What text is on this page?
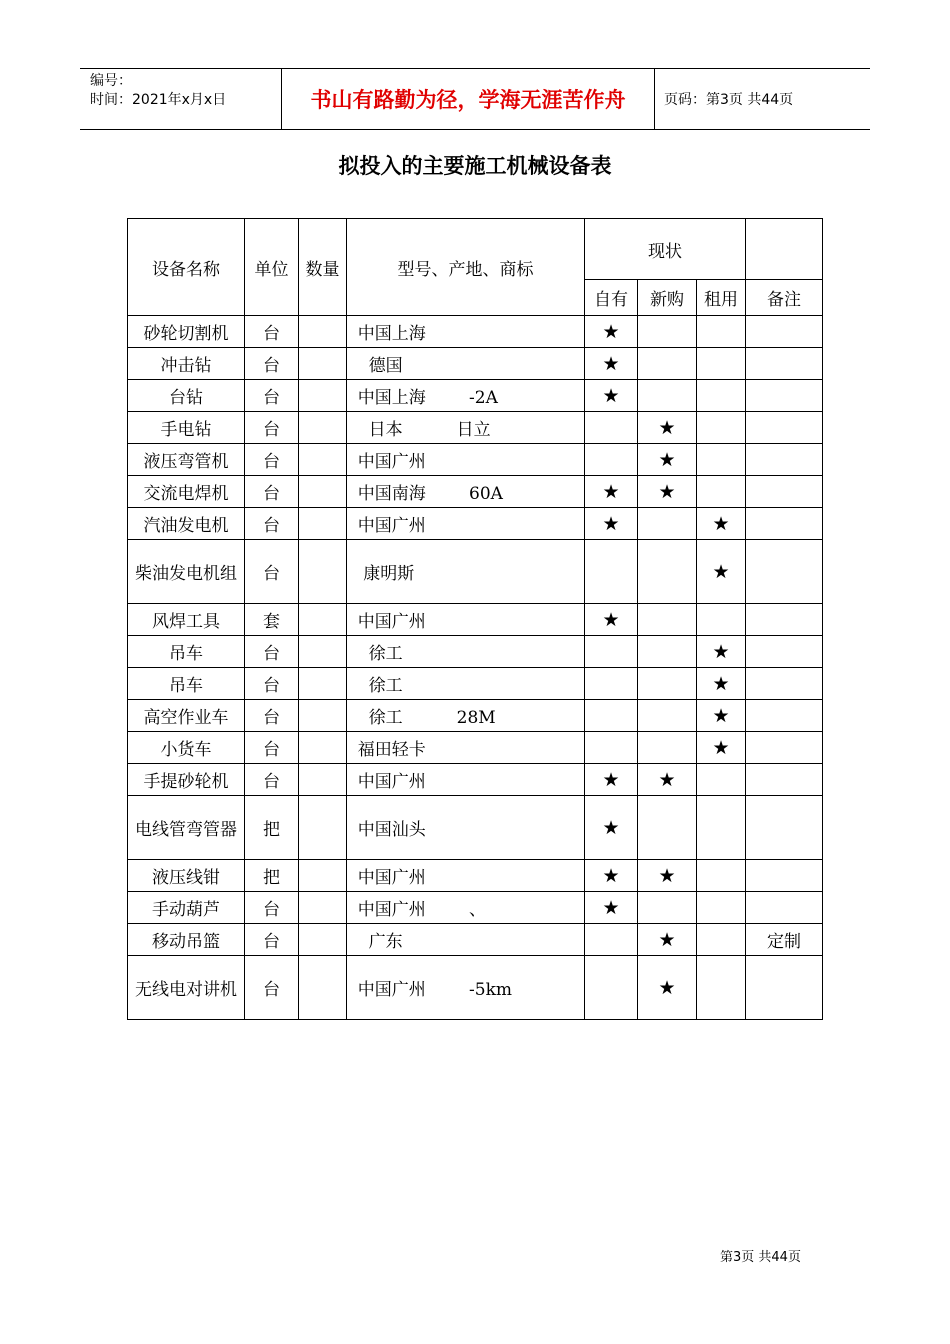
编号：
时间：2021年x月x日	书山有路勤为径，学海无涯苦作舟	页码：第3页 共44页
拟投入的主要施工机械设备表
设备名称	单位	数量	型号、产地、商标	现状			
				自有	新购	租用	备注
砂轮切割机	台		中国上海	★			
冲击钻	台		德国	★			
台钻	台		中国上海        -2A	★			
手电钻	台		日本          日立		★		
液压弯管机	台		中国广州		★		
交流电焊机	台		中国南海        60A	★	★		
汽油发电机	台		中国广州	★		★	
柴油发电机组	台		康明斯			★	
风焊工具	套		中国广州	★			
吊车	台		徐工			★	
吊车	台		徐工			★	
高空作业车	台		徐工          28M			★	
小货车	台		福田轻卡			★	
手提砂轮机	台		中国广州	★	★		
电线管弯管器	把		中国汕头	★			
液压线钳	把		中国广州	★	★		
手动葫芦	台		中国广州        、	★			
移动吊篮	台		广东		★		定制
无线电对讲机	台		中国广州        -5km		★		
第3页 共44页
